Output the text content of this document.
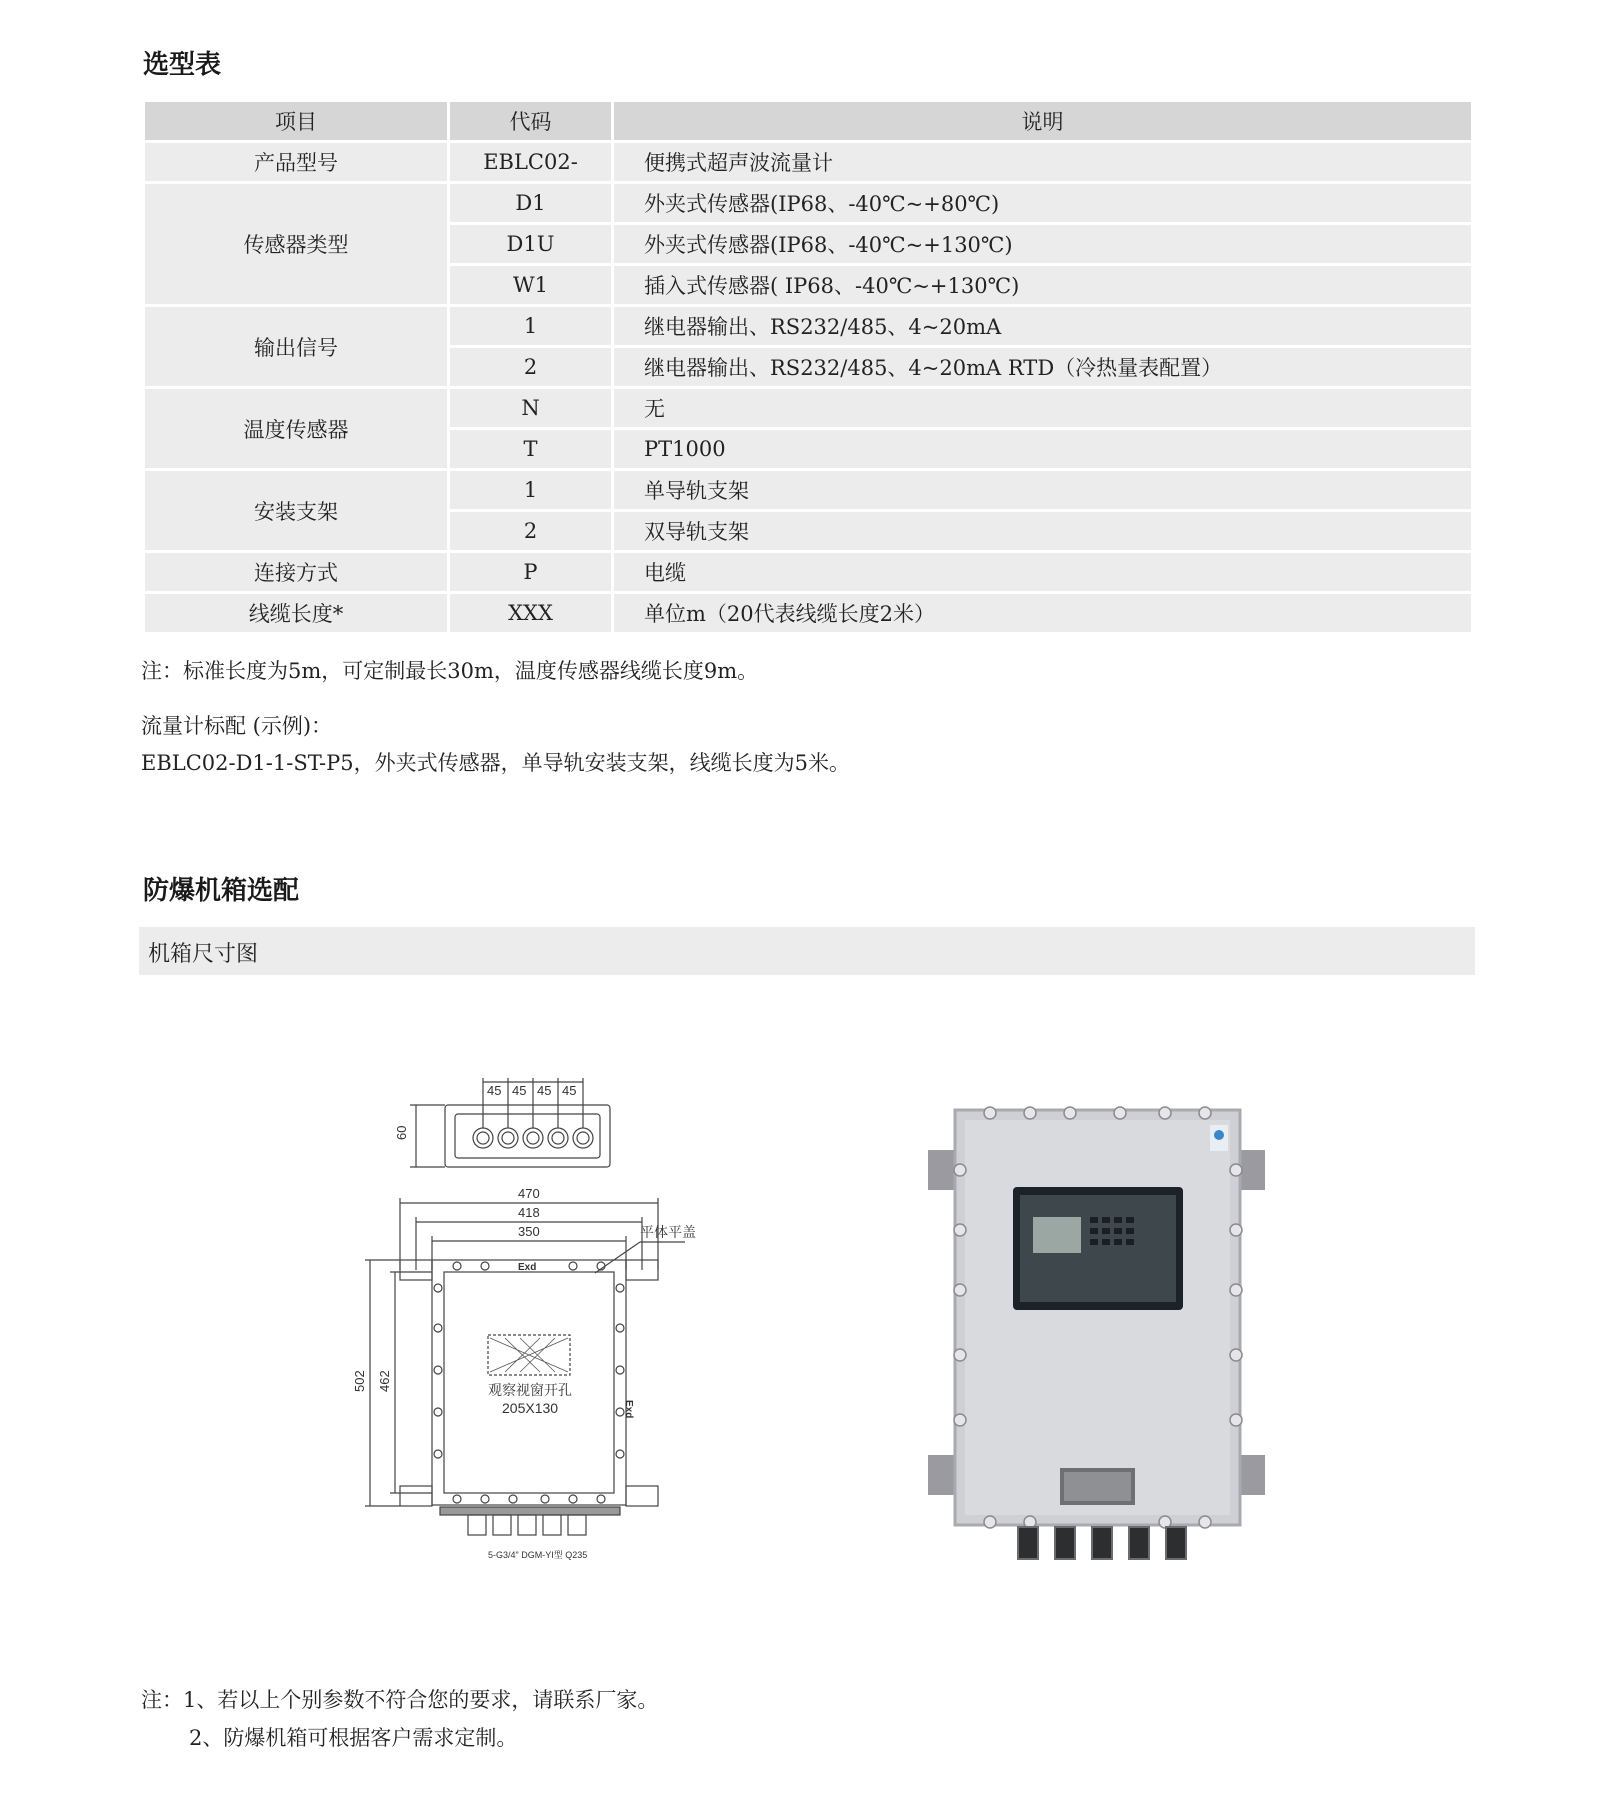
选型表
项目	代码	说明
产品型号	EBLC02-	便携式超声波流量计
传感器类型	D1	外夹式传感器(IP68、-40℃~+80℃)
	D1U	外夹式传感器(IP68、-40℃~+130℃)
	W1	插入式传感器( IP68、-40℃~+130℃)
输出信号	1	继电器输出、RS232/485、4~20mA
	2	继电器输出、RS232/485、4~20mA RTD（冷热量表配置）
温度传感器	N	无
	T	PT1000
安装支架	1	单导轨支架
	2	双导轨支架
连接方式	P	电缆
线缆长度*	XXX	单位m（20代表线缆长度2米）
注：标准长度为5m，可定制最长30m，温度传感器线缆长度9m。
流量计标配 (示例)：
EBLC02-D1-1-ST-P5，外夹式传感器，单导轨安装支架，线缆长度为5米。
防爆机箱选配
机箱尺寸图
45 45 45 45
60
470
418
350	平体平盖
Exd
Exd
观察视窗开孔
205X130
502 462
5-G3/4" DGM-YI型 Q235
注：1、若以上个别参数不符合您的要求，请联系厂家。
2、防爆机箱可根据客户需求定制。
